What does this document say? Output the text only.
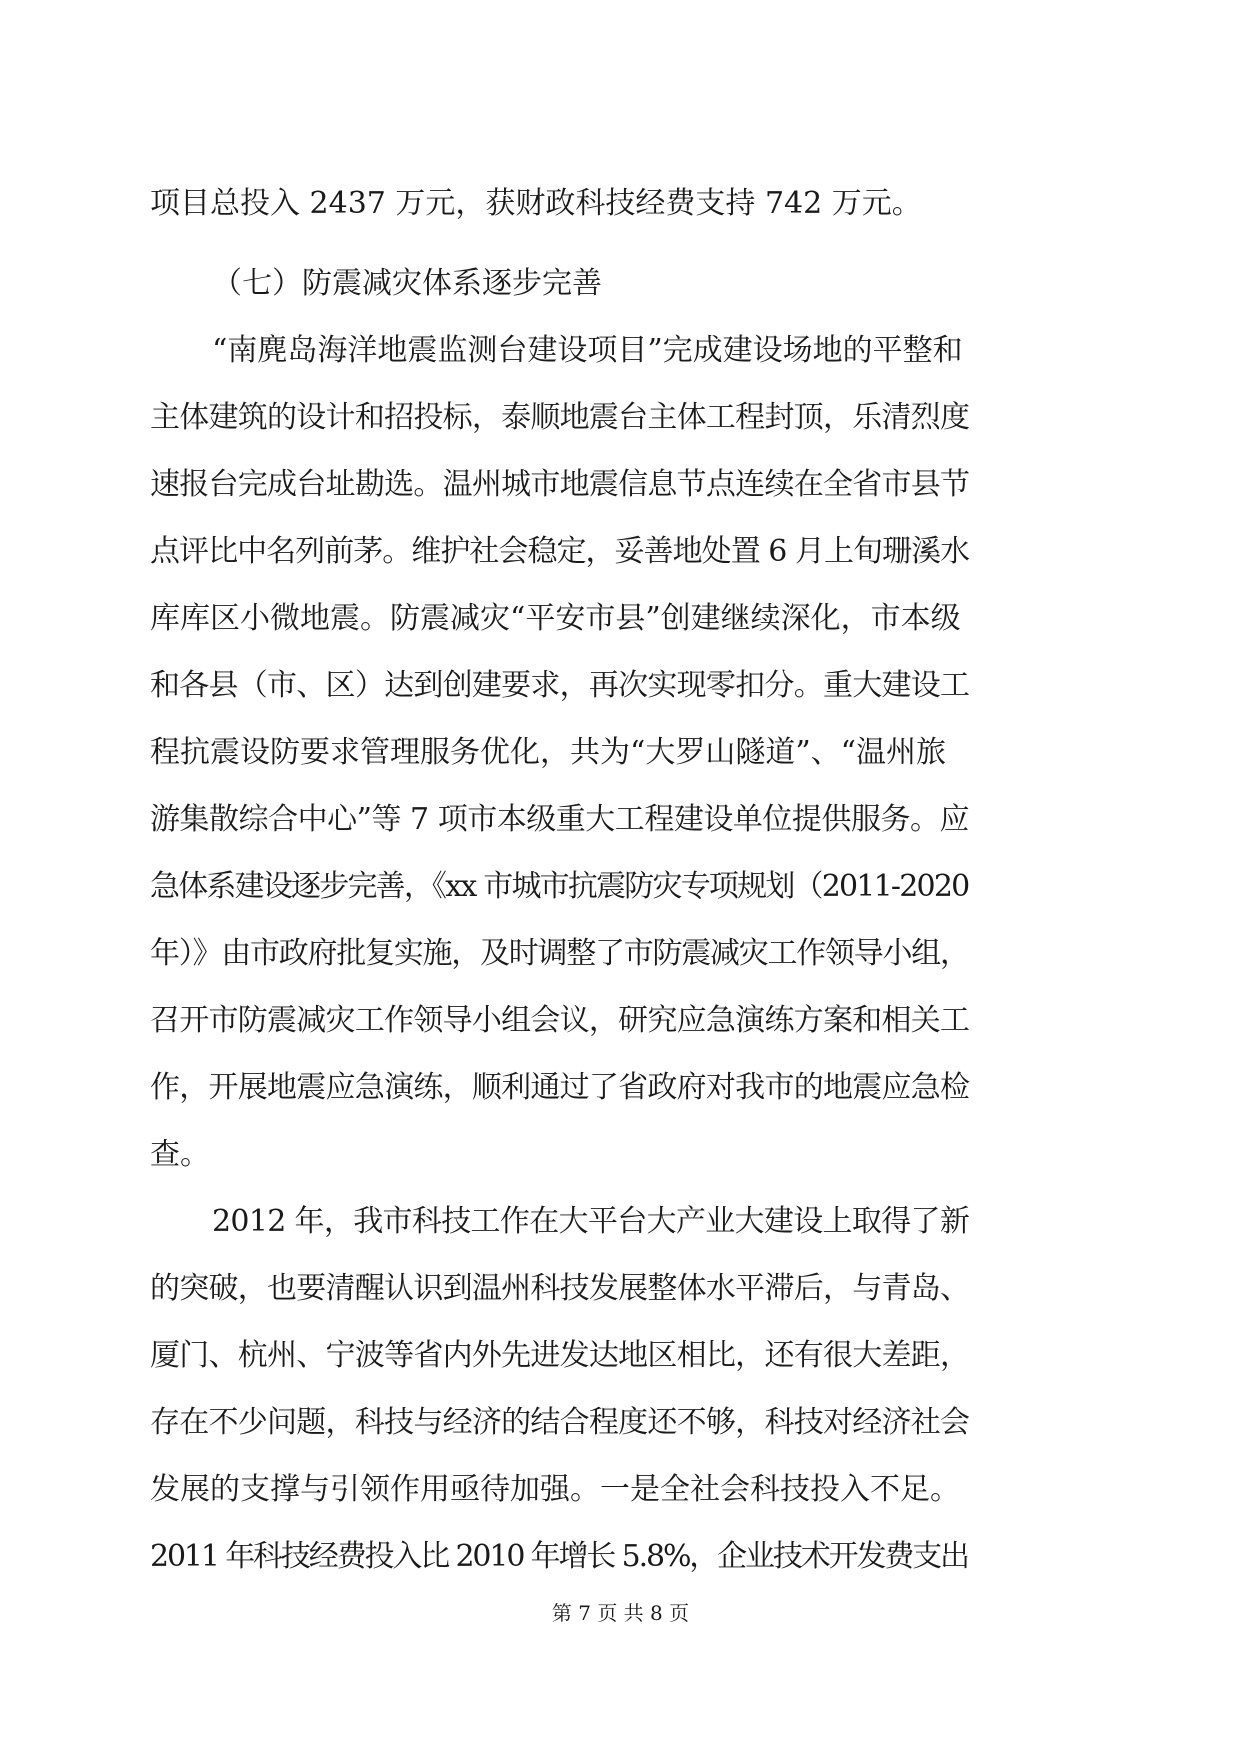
项目总投入 2437 万元，获财政科技经费支持 742 万元。
（七）防震减灾体系逐步完善
“南麂岛海洋地震监测台建设项目”完成建设场地的平整和
主体建筑的设计和招投标，泰顺地震台主体工程封顶，乐清烈度
速报台完成台址勘选。温州城市地震信息节点连续在全省市县节
点评比中名列前茅。维护社会稳定，妥善地处置 6 月上旬珊溪水
库库区小微地震。防震减灾“平安市县”创建继续深化，市本级
和各县（市、区）达到创建要求，再次实现零扣分。重大建设工
程抗震设防要求管理服务优化，共为“大罗山隧道”、“温州旅
游集散综合中心”等 7 项市本级重大工程建设单位提供服务。应
急体系建设逐步完善，《xx 市城市抗震防灾专项规划（2011-2020
年）》由市政府批复实施，及时调整了市防震减灾工作领导小组，
召开市防震减灾工作领导小组会议，研究应急演练方案和相关工
作，开展地震应急演练，顺利通过了省政府对我市的地震应急检
查。
2012 年，我市科技工作在大平台大产业大建设上取得了新
的突破，也要清醒认识到温州科技发展整体水平滞后，与青岛、
厦门、杭州、宁波等省内外先进发达地区相比，还有很大差距，
存在不少问题，科技与经济的结合程度还不够，科技对经济社会
发展的支撑与引领作用亟待加强。一是全社会科技投入不足。
2011 年科技经费投入比 2010 年增长 5.8%，企业技术开发费支出
第 7 页 共 8 页
